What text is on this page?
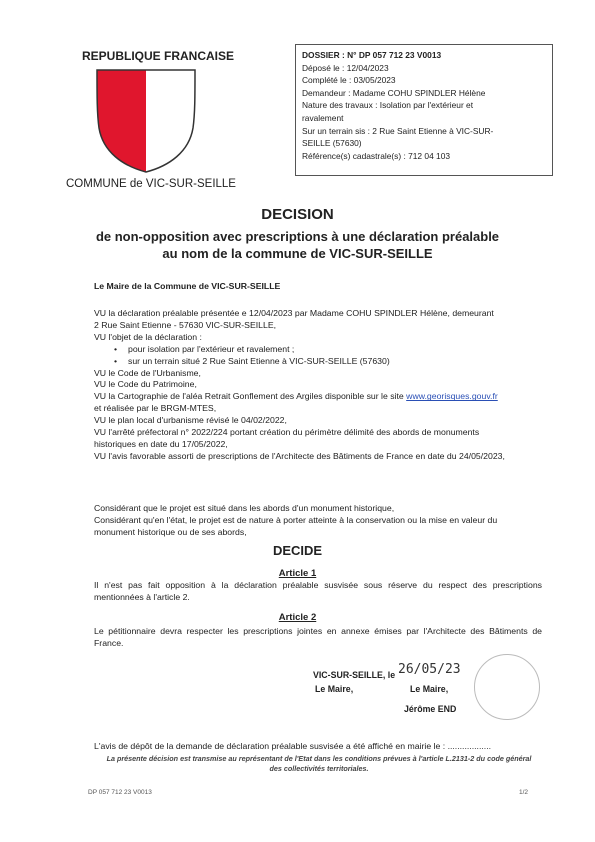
REPUBLIQUE FRANCAISE
COMMUNE de VIC-SUR-SEILLE
DOSSIER : N° DP 057 712 23 V0013
Déposé le : 12/04/2023
Complété le : 03/05/2023
Demandeur : Madame COHU SPINDLER Hélène
Nature des travaux : Isolation par l'extérieur et
ravalement
Sur un terrain sis : 2 Rue Saint Etienne à VIC-SUR-
SEILLE (57630)
Référence(s) cadastrale(s) : 712 04 103
DECISION
de non-opposition avec prescriptions à une déclaration préalable
au nom de la commune de VIC-SUR-SEILLE
Le Maire de la Commune de VIC-SUR-SEILLE
VU la déclaration préalable présentée e 12/04/2023 par Madame COHU SPINDLER Hélène, demeurant
2 Rue Saint Etienne - 57630 VIC-SUR-SEILLE,
VU l'objet de la déclaration :
• pour isolation par l'extérieur et ravalement ;
• sur un terrain situé 2 Rue Saint Etienne à VIC-SUR-SEILLE (57630)
VU le Code de l'Urbanisme,
VU le Code du Patrimoine,
VU la Cartographie de l'aléa Retrait Gonflement des Argiles disponible sur le site www.georisques.gouv.fr
et réalisée par le BRGM-MTES,
VU le plan local d'urbanisme révisé le 04/02/2022,
VU l'arrêté préfectoral n° 2022/224 portant création du périmètre délimité des abords de monuments
historiques en date du 17/05/2022,
VU l'avis favorable assorti de prescriptions de l'Architecte des Bâtiments de France en date du 24/05/2023,
Considérant que le projet est situé dans les abords d'un monument historique,
Considérant qu'en l'état, le projet est de nature à porter atteinte à la conservation ou la mise en valeur du
monument historique ou de ses abords,
DECIDE
Article 1
Il n'est pas fait opposition à la déclaration préalable susvisée sous réserve du respect des prescriptions mentionnées à l'article 2.
Article 2
Le pétitionnaire devra respecter les prescriptions jointes en annexe émises par l'Architecte des Bâtiments de France.
VIC-SUR-SEILLE, le 26/05/23
Le Maire,	Le Maire,
Jérôme END
L'avis de dépôt de la demande de déclaration préalable susvisée a été affiché en mairie le : ..................
La présente décision est transmise au représentant de l'Etat dans les conditions prévues à l'article L.2131-2 du code général
des collectivités territoriales.
DP 057 712 23 V0013	1/2
